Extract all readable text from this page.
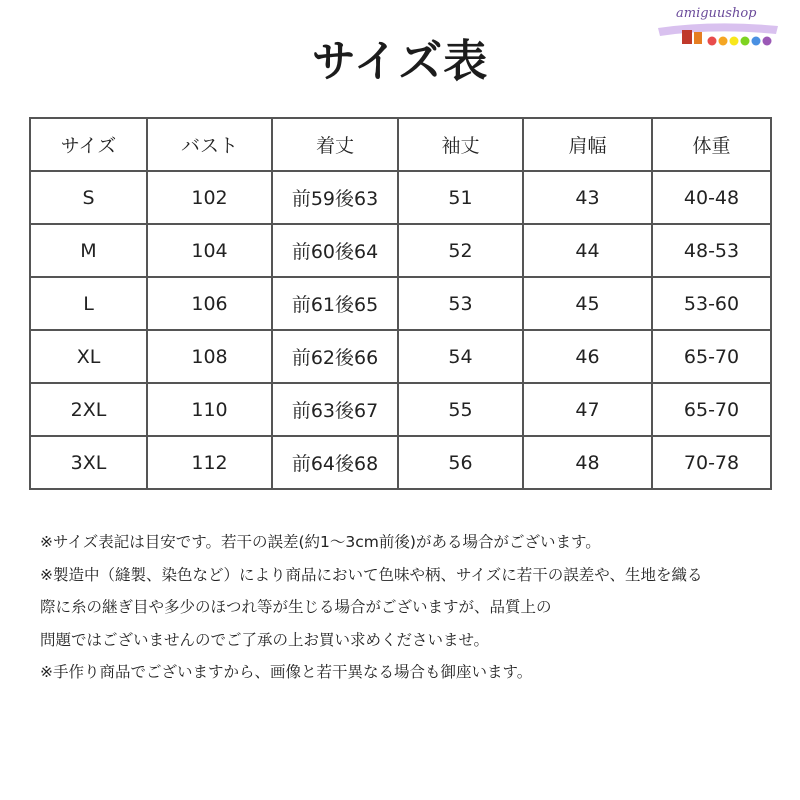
amiguushop
サイズ表
サイズ	バスト	着丈	袖丈	肩幅	体重
S	102	前59後63	51	43	40-48
M	104	前60後64	52	44	48-53
L	106	前61後65	53	45	53-60
XL	108	前62後66	54	46	65-70
2XL	110	前63後67	55	47	65-70
3XL	112	前64後68	56	48	70-78

※サイズ表記は目安です。若干の誤差(約1～3cm前後)がある場合がございます。

※製造中（縫製、染色など）により商品において色味や柄、サイズに若干の誤差や、生地を織る

際に糸の継ぎ目や多少のほつれ等が生じる場合がございますが、品質上の

問題ではございませんのでご了承の上お買い求めくださいませ。

※手作り商品でございますから、画像と若干異なる場合も御座います。
